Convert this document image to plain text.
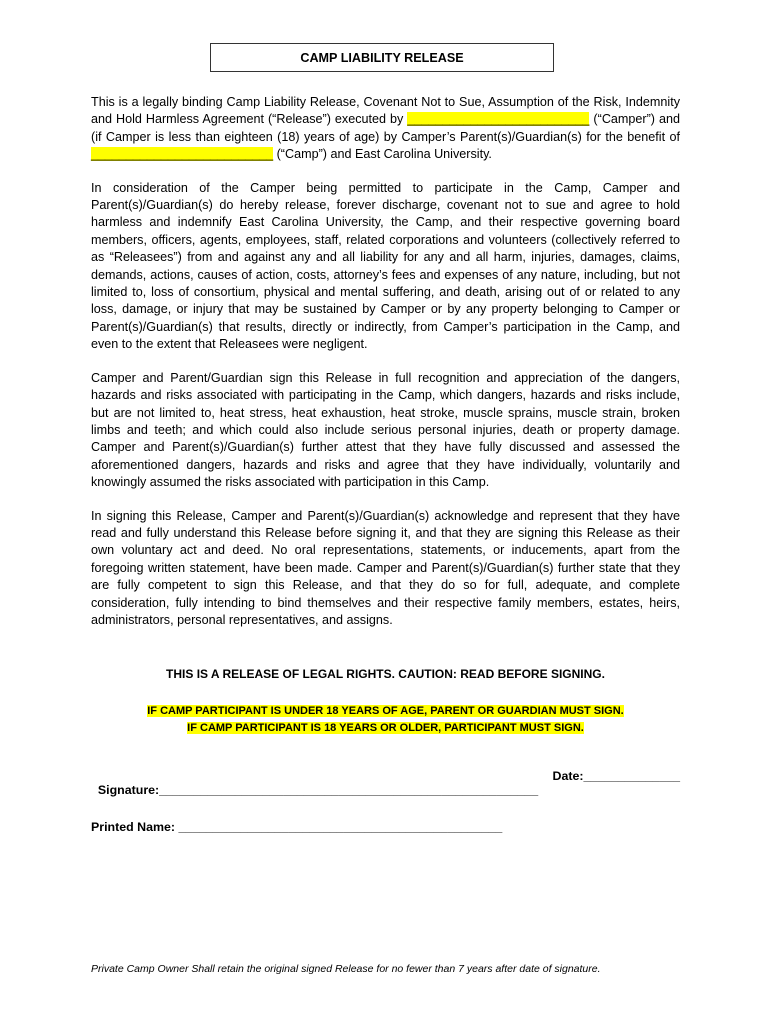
CAMP LIABILITY RELEASE

This is a legally binding Camp Liability Release, Covenant Not to Sue, Assumption of the Risk, Indemnity and Hold Harmless Agreement (“Release”) executed by __________________________ (“Camper”) and (if Camper is less than eighteen (18) years of age) by Camper’s Parent(s)/Guardian(s) for the benefit of __________________________ (“Camp”) and East Carolina University.

In consideration of the Camper being permitted to participate in the Camp, Camper and Parent(s)/Guardian(s) do hereby release, forever discharge, covenant not to sue and agree to hold harmless and indemnify East Carolina University, the Camp, and their respective governing board members, officers, agents, employees, staff, related corporations and volunteers (collectively referred to as “Releasees”) from and against any and all liability for any and all harm, injuries, damages, claims, demands, actions, causes of action, costs, attorney’s fees and expenses of any nature, including, but not limited to, loss of consortium, physical and mental suffering, and death, arising out of or related to any loss, damage, or injury that may be sustained by Camper or by any property belonging to Camper or Parent(s)/Guardian(s) that results, directly or indirectly, from Camper’s participation in the Camp, and even to the extent that Releasees were negligent.

Camper and Parent/Guardian sign this Release in full recognition and appreciation of the dangers, hazards and risks associated with participating in the Camp, which dangers, hazards and risks include, but are not limited to, heat stress, heat exhaustion, heat stroke, muscle sprains, muscle strain, broken limbs and teeth; and which could also include serious personal injuries, death or property damage. Camper and Parent(s)/Guardian(s) further attest that they have fully discussed and assessed the aforementioned dangers, hazards and risks and agree that they have individually, voluntarily and knowingly assumed the risks associated with participation in this Camp.

In signing this Release, Camper and Parent(s)/Guardian(s) acknowledge and represent that they have read and fully understand this Release before signing it, and that they are signing this Release as their own voluntary act and deed. No oral representations, statements, or inducements, apart from the foregoing written statement, have been made. Camper and Parent(s)/Guardian(s) further state that they are fully competent to sign this Release, and that they do so for full, adequate, and complete consideration, fully intending to bind themselves and their respective family members, estates, heirs, administrators, personal representatives, and assigns.

THIS IS A RELEASE OF LEGAL RIGHTS. CAUTION: READ BEFORE SIGNING.
IF CAMP PARTICIPANT IS UNDER 18 YEARS OF AGE, PARENT OR GUARDIAN MUST SIGN.
IF CAMP PARTICIPANT IS 18 YEARS OR OLDER, PARTICIPANT MUST SIGN.

Signature:_______________________________________________________

Date:______________

Printed Name: _______________________________________________
Private Camp Owner Shall retain the original signed Release for no fewer than 7 years after date of signature.
